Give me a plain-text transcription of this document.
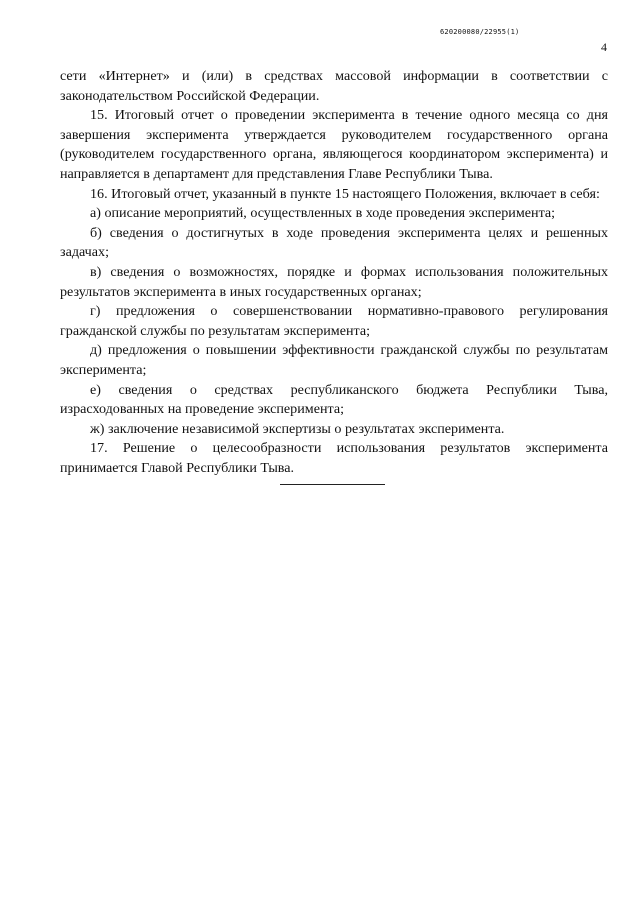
620200080/22955(1)
4

сети «Интернет» и (или) в средствах массовой информации в соответствии с законодательством Российской Федерации.

15. Итоговый отчет о проведении эксперимента в течение одного месяца со дня завершения эксперимента утверждается руководителем государственного органа (руководителем государственного органа, являющегося координатором эксперимента) и направляется в департамент для представления Главе Республики Тыва.

16. Итоговый отчет, указанный в пункте 15 настоящего Положения, включает в себя:

а) описание мероприятий, осуществленных в ходе проведения эксперимента;

б) сведения о достигнутых в ходе проведения эксперимента целях и решенных задачах;

в) сведения о возможностях, порядке и формах использования положительных результатов эксперимента в иных государственных органах;

г) предложения о совершенствовании нормативно-правового регулирования гражданской службы по результатам эксперимента;

д) предложения о повышении эффективности гражданской службы по результатам эксперимента;

е) сведения о средствах республиканского бюджета Республики Тыва, израсходованных на проведение эксперимента;

ж) заключение независимой экспертизы о результатах эксперимента.

17. Решение о целесообразности использования результатов эксперимента принимается Главой Республики Тыва.
